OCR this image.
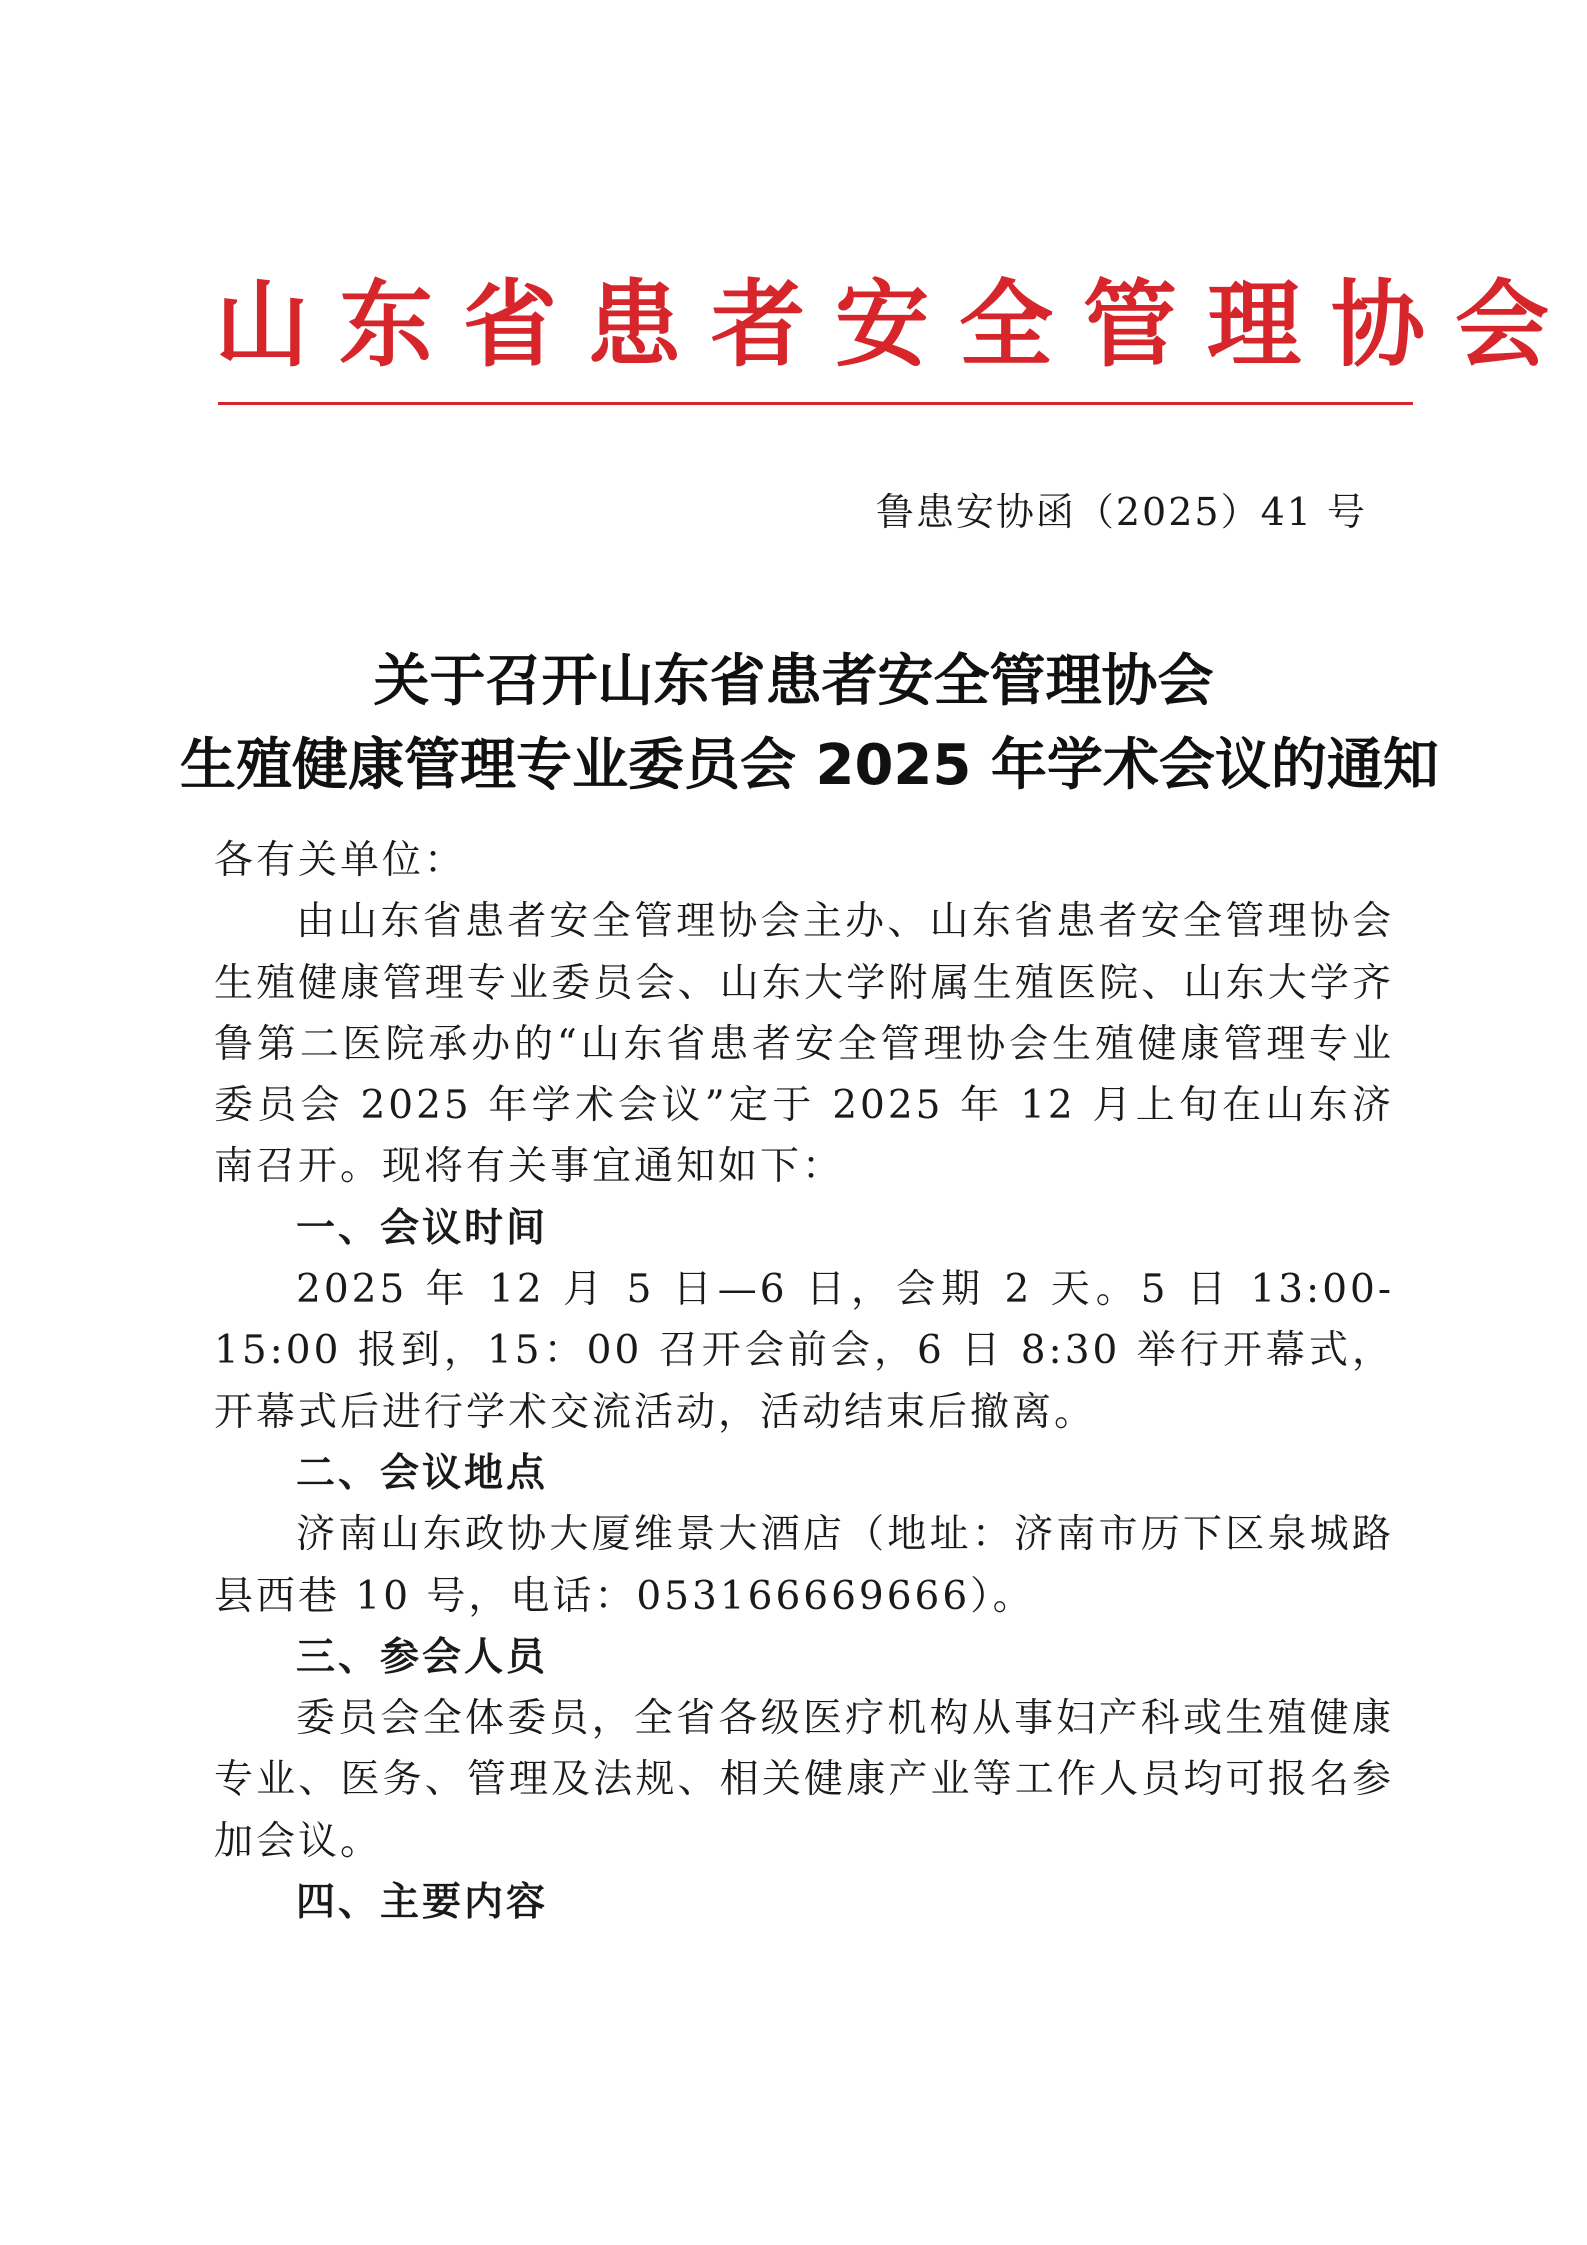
山东省患者安全管理协会
鲁患安协函（2025）41 号
关于召开山东省患者安全管理协会
生殖健康管理专业委员会 2025 年学术会议的通知

各有关单位：

由山东省患者安全管理协会主办、山东省患者安全管理协会生殖健康管理专业委员会、山东大学附属生殖医院、山东大学齐鲁第二医院承办的“山东省患者安全管理协会生殖健康管理专业委员会 2025 年学术会议”定于 2025 年 12 月上旬在山东济南召开。现将有关事宜通知如下：

一、会议时间

2025 年 12 月 5 日—6 日，会期 2 天。5 日 13:00-15:00 报到，15：00 召开会前会，6 日 8:30 举行开幕式，开幕式后进行学术交流活动，活动结束后撤离。

二、会议地点

济南山东政协大厦维景大酒店（地址：济南市历下区泉城路县西巷 10 号，电话：053166669666）。

三、参会人员

委员会全体委员，全省各级医疗机构从事妇产科或生殖健康专业、医务、管理及法规、相关健康产业等工作人员均可报名参加会议。

四、主要内容
